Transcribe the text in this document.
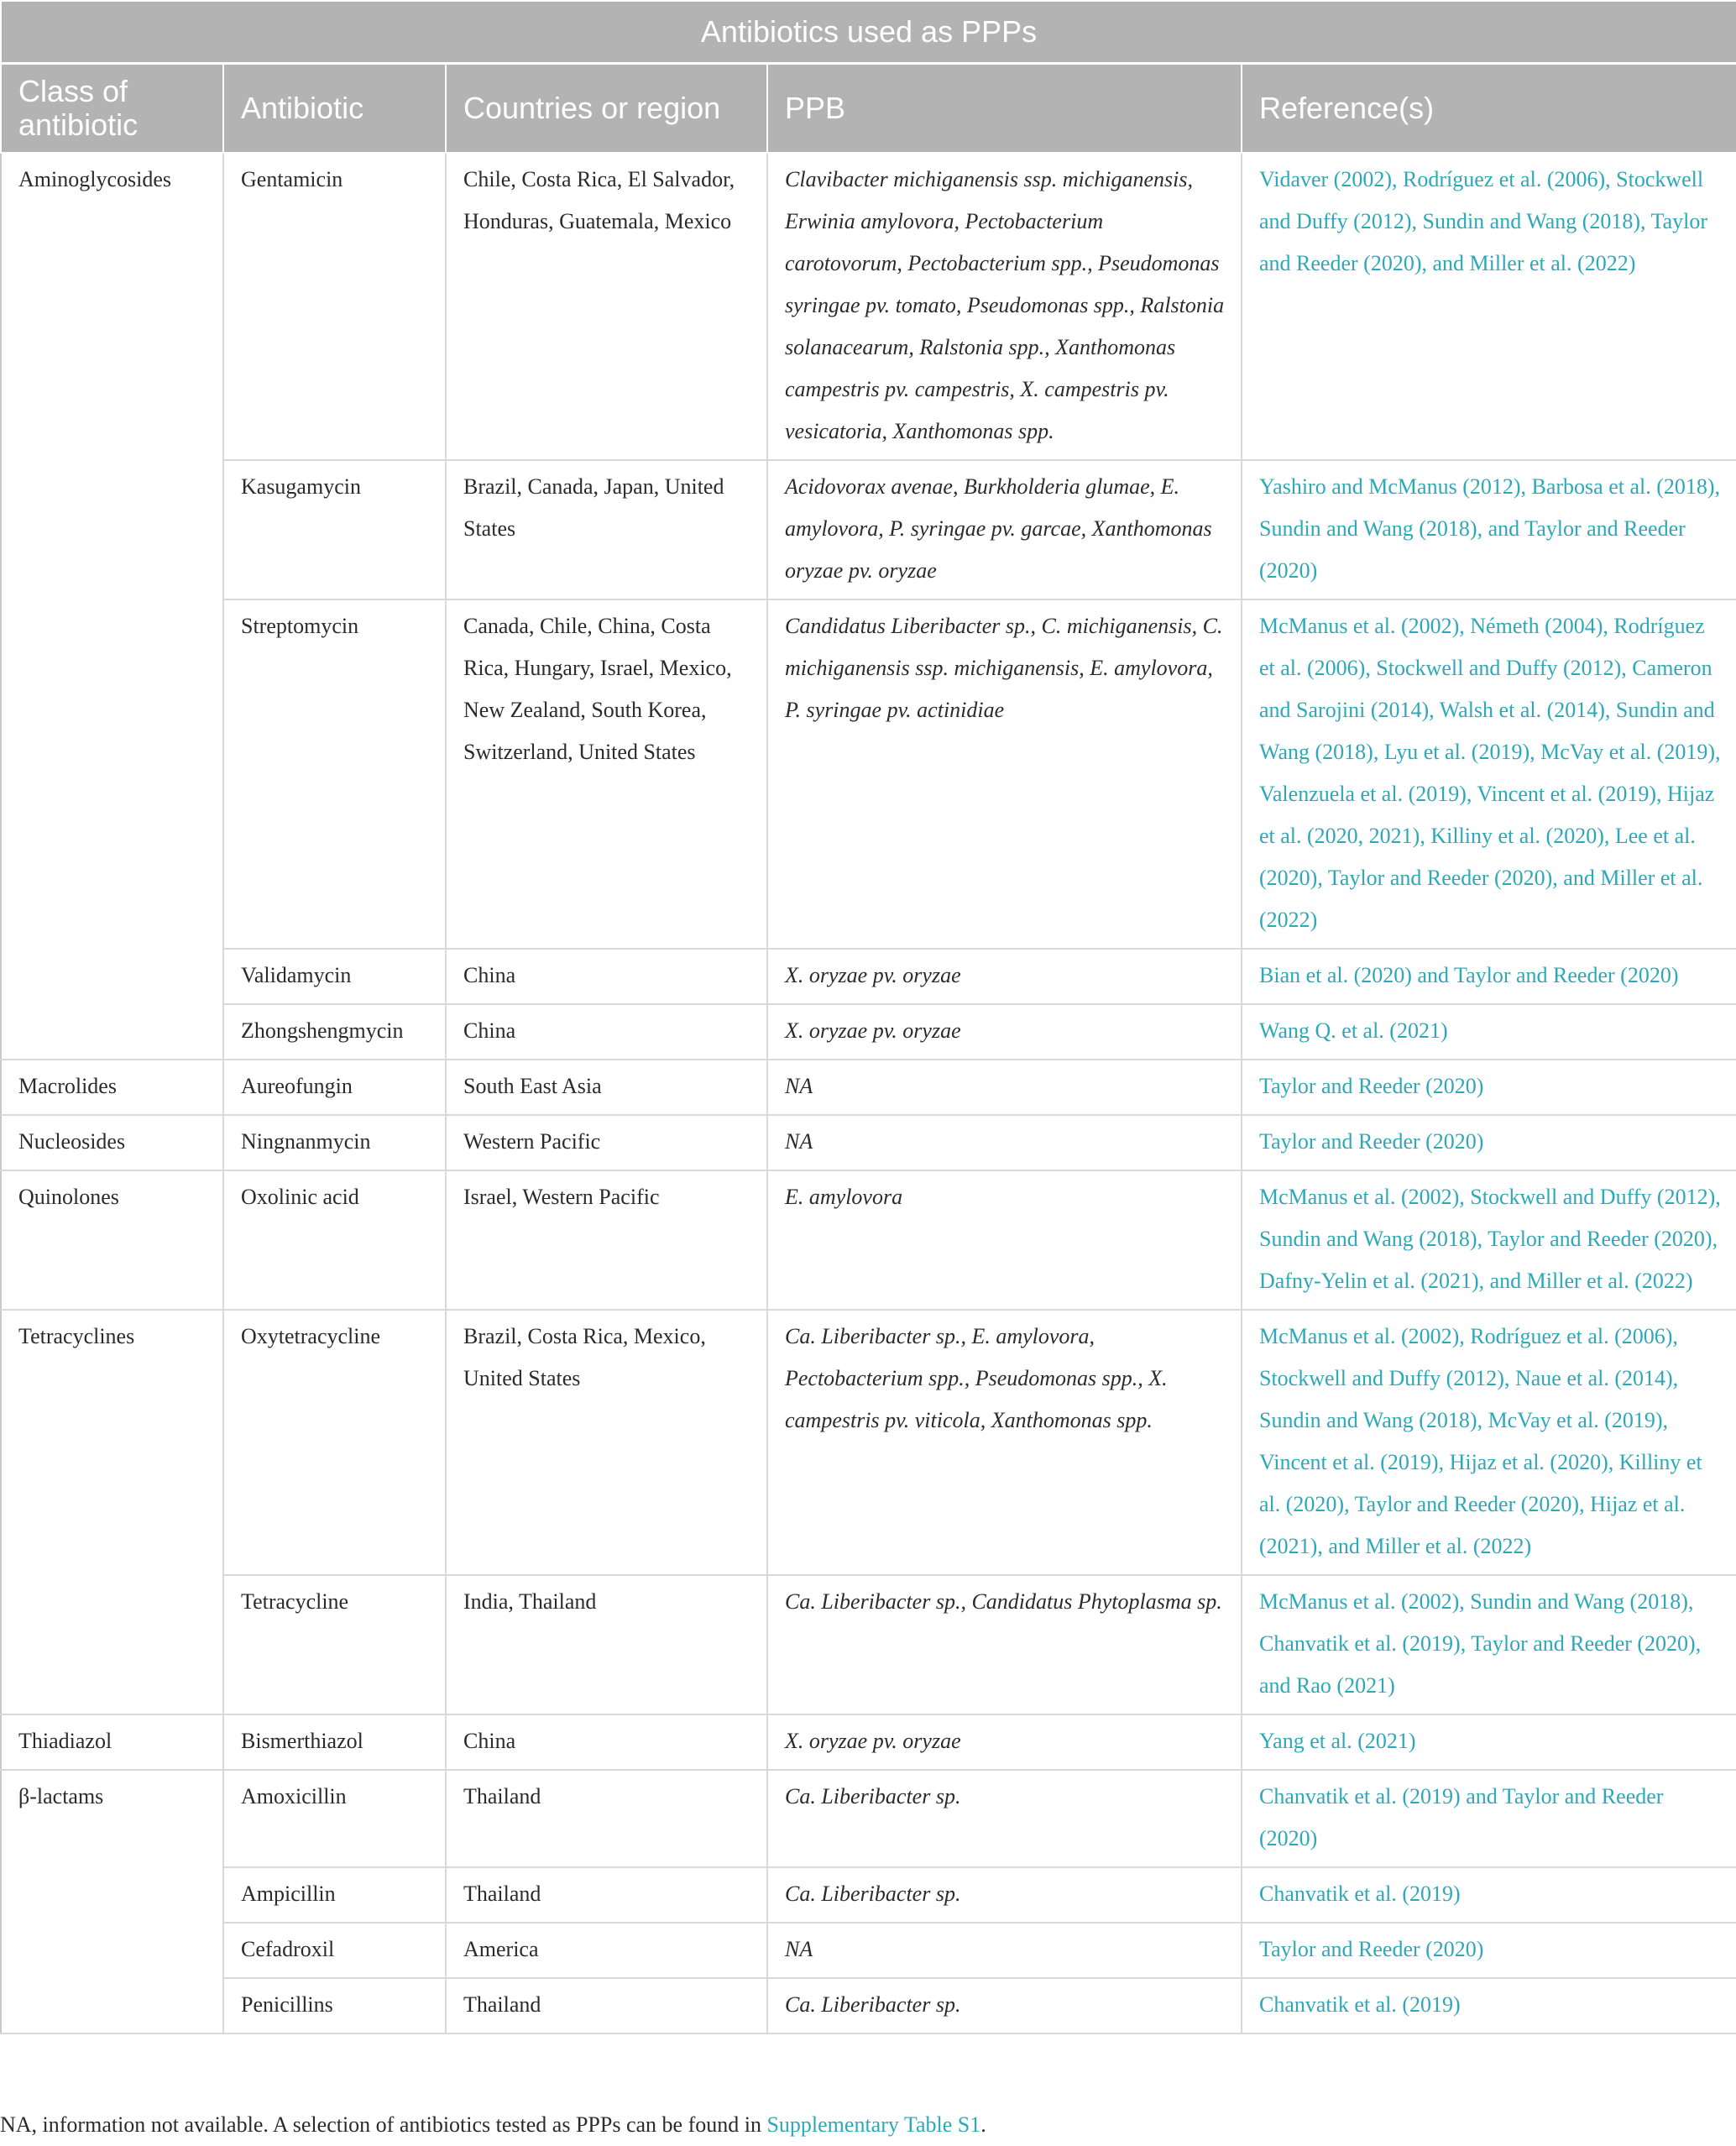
Antibiotics used as PPPs				
Class of antibiotic	Antibiotic	Countries or region	PPB	Reference(s)
Aminoglycosides	Gentamicin	Chile, Costa Rica, El Salvador, Honduras, Guatemala, Mexico	Clavibacter michiganensis ssp. michiganensis, Erwinia amylovora, Pectobacterium carotovorum, Pectobacterium spp., Pseudomonas syringae pv. tomato, Pseudomonas spp., Ralstonia solanacearum, Ralstonia spp., Xanthomonas campestris pv. campestris, X. campestris pv. vesicatoria, Xanthomonas spp.	Vidaver (2002), Rodríguez et al. (2006), Stockwell and Duffy (2012), Sundin and Wang (2018), Taylor and Reeder (2020), and Miller et al. (2022)
	Kasugamycin	Brazil, Canada, Japan, United States	Acidovorax avenae, Burkholderia glumae, E. amylovora, P. syringae pv. garcae, Xanthomonas oryzae pv. oryzae	Yashiro and McManus (2012), Barbosa et al. (2018), Sundin and Wang (2018), and Taylor and Reeder (2020)
	Streptomycin	Canada, Chile, China, Costa Rica, Hungary, Israel, Mexico, New Zealand, South Korea, Switzerland, United States	Candidatus Liberibacter sp., C. michiganensis, C. michiganensis ssp. michiganensis, E. amylovora, P. syringae pv. actinidiae	McManus et al. (2002), Németh (2004), Rodríguez et al. (2006), Stockwell and Duffy (2012), Cameron and Sarojini (2014), Walsh et al. (2014), Sundin and Wang (2018), Lyu et al. (2019), McVay et al. (2019), Valenzuela et al. (2019), Vincent et al. (2019), Hijaz et al. (2020, 2021), Killiny et al. (2020), Lee et al. (2020), Taylor and Reeder (2020), and Miller et al. (2022)
	Validamycin	China	X. oryzae pv. oryzae	Bian et al. (2020) and Taylor and Reeder (2020)
	Zhongshengmycin	China	X. oryzae pv. oryzae	Wang Q. et al. (2021)
Macrolides	Aureofungin	South East Asia	NA	Taylor and Reeder (2020)
Nucleosides	Ningnanmycin	Western Pacific	NA	Taylor and Reeder (2020)
Quinolones	Oxolinic acid	Israel, Western Pacific	E. amylovora	McManus et al. (2002), Stockwell and Duffy (2012), Sundin and Wang (2018), Taylor and Reeder (2020), Dafny-Yelin et al. (2021), and Miller et al. (2022)
Tetracyclines	Oxytetracycline	Brazil, Costa Rica, Mexico, United States	Ca. Liberibacter sp., E. amylovora, Pectobacterium spp., Pseudomonas spp., X. campestris pv. viticola, Xanthomonas spp.	McManus et al. (2002), Rodríguez et al. (2006), Stockwell and Duffy (2012), Naue et al. (2014), Sundin and Wang (2018), McVay et al. (2019), Vincent et al. (2019), Hijaz et al. (2020), Killiny et al. (2020), Taylor and Reeder (2020), Hijaz et al. (2021), and Miller et al. (2022)
	Tetracycline	India, Thailand	Ca. Liberibacter sp., Candidatus Phytoplasma sp.	McManus et al. (2002), Sundin and Wang (2018), Chanvatik et al. (2019), Taylor and Reeder (2020), and Rao (2021)
Thiadiazol	Bismerthiazol	China	X. oryzae pv. oryzae	Yang et al. (2021)
β-lactams	Amoxicillin	Thailand	Ca. Liberibacter sp.	Chanvatik et al. (2019) and Taylor and Reeder (2020)
	Ampicillin	Thailand	Ca. Liberibacter sp.	Chanvatik et al. (2019)
	Cefadroxil	America	NA	Taylor and Reeder (2020)
	Penicillins	Thailand	Ca. Liberibacter sp.	Chanvatik et al. (2019)
NA, information not available. A selection of antibiotics tested as PPPs can be found in Supplementary Table S1.
